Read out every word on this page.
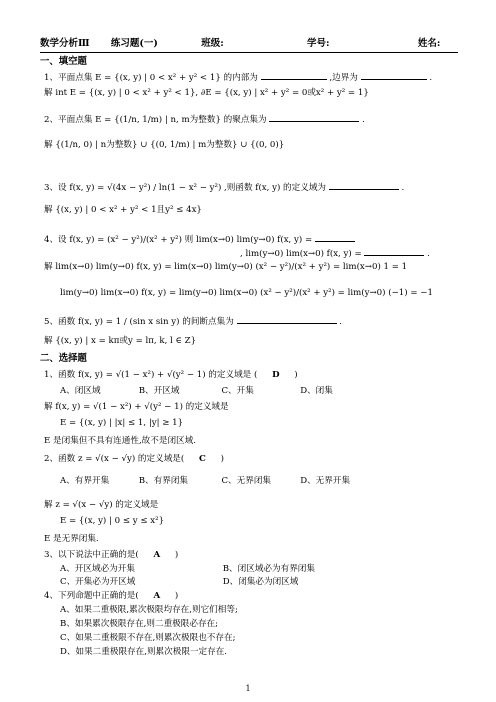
数学分析Ⅲ 练习题(一)	班级:	学号:	姓名:
一、填空题
1、平面点集 E = {(x, y) | 0 < x² + y² < 1} 的内部为	,边界为	.
解 int E = {(x, y) | 0 < x² + y² < 1}, ∂E = {(x, y) | x² + y² = 0或x² + y² = 1}
2、平面点集 E = {(1/n, 1/m) | n, m为整数} 的聚点集为	.
解 {(1/n, 0) | n为整数} ∪ {(0, 1/m) | m为整数} ∪ {(0, 0)}
3、设 f(x, y) = √(4x − y²) / ln(1 − x² − y²) ,则函数 f(x, y) 的定义域为	.
解 {(x, y) | 0 < x² + y² < 1且y² ≤ 4x}
4、设 f(x, y) = (x² − y²)/(x² + y²) 则 lim(x→0) lim(y→0) f(x, y) =
, lim(y→0) lim(x→0) f(x, y) =	.
解 lim(x→0) lim(y→0) f(x, y) = lim(x→0) lim(y→0) (x² − y²)/(x² + y²) = lim(x→0) 1 = 1
lim(y→0) lim(x→0) f(x, y) = lim(y→0) lim(x→0) (x² − y²)/(x² + y²) = lim(y→0) (−1) = −1
5、函数 f(x, y) = 1 / (sin x sin y) 的间断点集为	.
解 {(x, y) | x = kπ或y = lπ, k, l ∈ Z}
二、选择题
1、函数 f(x, y) = √(1 − x²) + √(y² − 1) 的定义域是 ( D )
A、闭区域	B、开区域	C、开集	D、闭集
解 f(x, y) = √(1 − x²) + √(y² − 1) 的定义域是
E = {(x, y) | |x| ≤ 1, |y| ≥ 1}
E 是闭集但不具有连通性,故不是闭区域.
2、函数 z = √(x − √y) 的定义域是( C )
A、有界开集	B、有界闭集	C、无界闭集	D、无界开集
解 z = √(x − √y) 的定义域是
E = {(x, y) | 0 ≤ y ≤ x²}
E 是无界闭集.
3、以下说法中正确的是( A )
A、开区域必为开集	B、闭区域必为有界闭集
C、开集必为开区域	D、闭集必为闭区域
4、下列命题中正确的是( A )
A、如果二重极限,累次极限均存在,则它们相等;
B、如果累次极限存在,则二重极限必存在;
C、如果二重极限不存在,则累次极限也不存在;
D、如果二重极限存在,则累次极限一定存在.
1
